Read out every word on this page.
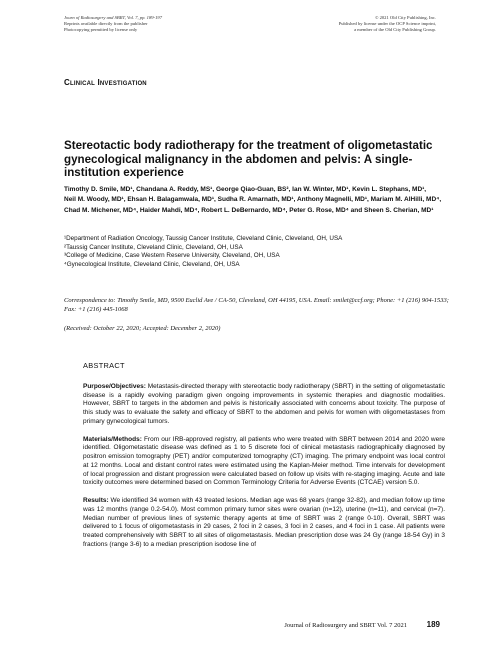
Journ of Radiosurgery and SBRT, Vol. 7, pp. 189-197
Reprints available directly from the publisher
Photocopying permitted by license only
© 2021 Old City Publishing, Inc.
Published by license under the OCP Science imprint,
a member of the Old City Publishing Group.
Clinical Investigation
Stereotactic body radiotherapy for the treatment of oligometastatic gynecological malignancy in the abdomen and pelvis: A single-institution experience
Timothy D. Smile, MD¹, Chandana A. Reddy, MS¹, George Qiao-Guan, BS², Ian W. Winter, MD¹, Kevin L. Stephans, MD¹, Neil M. Woody, MD¹, Ehsan H. Balagamwala, MD¹, Sudha R. Amarnath, MD¹, Anthony Magnelli, MD¹, Mariam M. AlHilli, MD⁴, Chad M. Michener, MD⁴, Haider Mahdi, MD⁴, Robert L. DeBernardo, MD⁴, Peter G. Rose, MD⁴ and Sheen S. Cherian, MD¹
¹Department of Radiation Oncology, Taussig Cancer Institute, Cleveland Clinic, Cleveland, OH, USA
²Taussig Cancer Institute, Cleveland Clinic, Cleveland, OH, USA
³College of Medicine, Case Western Reserve University, Cleveland, OH, USA
⁴Gynecological Institute, Cleveland Clinic, Cleveland, OH, USA
Correspondence to: Timothy Smile, MD, 9500 Euclid Ave / CA-50, Cleveland, OH 44195, USA. Email: smilet@ccf.org; Phone: +1 (216) 904-1533; Fax: +1 (216) 445-1068
(Received: October 22, 2020; Accepted: December 2, 2020)
ABSTRACT

Purpose/Objectives: Metastasis-directed therapy with stereotactic body radiotherapy (SBRT) in the setting of oligometastatic disease is a rapidly evolving paradigm given ongoing improvements in systemic therapies and diagnostic modalities. However, SBRT to targets in the abdomen and pelvis is historically associated with concerns about toxicity. The purpose of this study was to evaluate the safety and efficacy of SBRT to the abdomen and pelvis for women with oligometastases from primary gynecological tumors.

Materials/Methods: From our IRB-approved registry, all patients who were treated with SBRT between 2014 and 2020 were identified. Oligometastatic disease was defined as 1 to 5 discrete foci of clinical metastasis radiographically diagnosed by positron emission tomography (PET) and/or computerized tomography (CT) imaging. The primary endpoint was local control at 12 months. Local and distant control rates were estimated using the Kaplan-Meier method. Time intervals for development of local progression and distant progression were calculated based on follow up visits with re-staging imaging. Acute and late toxicity outcomes were determined based on Common Terminology Criteria for Adverse Events (CTCAE) version 5.0.

Results: We identified 34 women with 43 treated lesions. Median age was 68 years (range 32-82), and median follow up time was 12 months (range 0.2-54.0). Most common primary tumor sites were ovarian (n=12), uterine (n=11), and cervical (n=7). Median number of previous lines of systemic therapy agents at time of SBRT was 2 (range 0-10). Overall, SBRT was delivered to 1 focus of oligometastasis in 29 cases, 2 foci in 2 cases, 3 foci in 2 cases, and 4 foci in 1 case. All patients were treated comprehensively with SBRT to all sites of oligometastasis. Median prescription dose was 24 Gy (range 18-54 Gy) in 3 fractions (range 3-6) to a median prescription isodose line of

Journal of Radiosurgery and SBRT Vol. 7 2021 189
